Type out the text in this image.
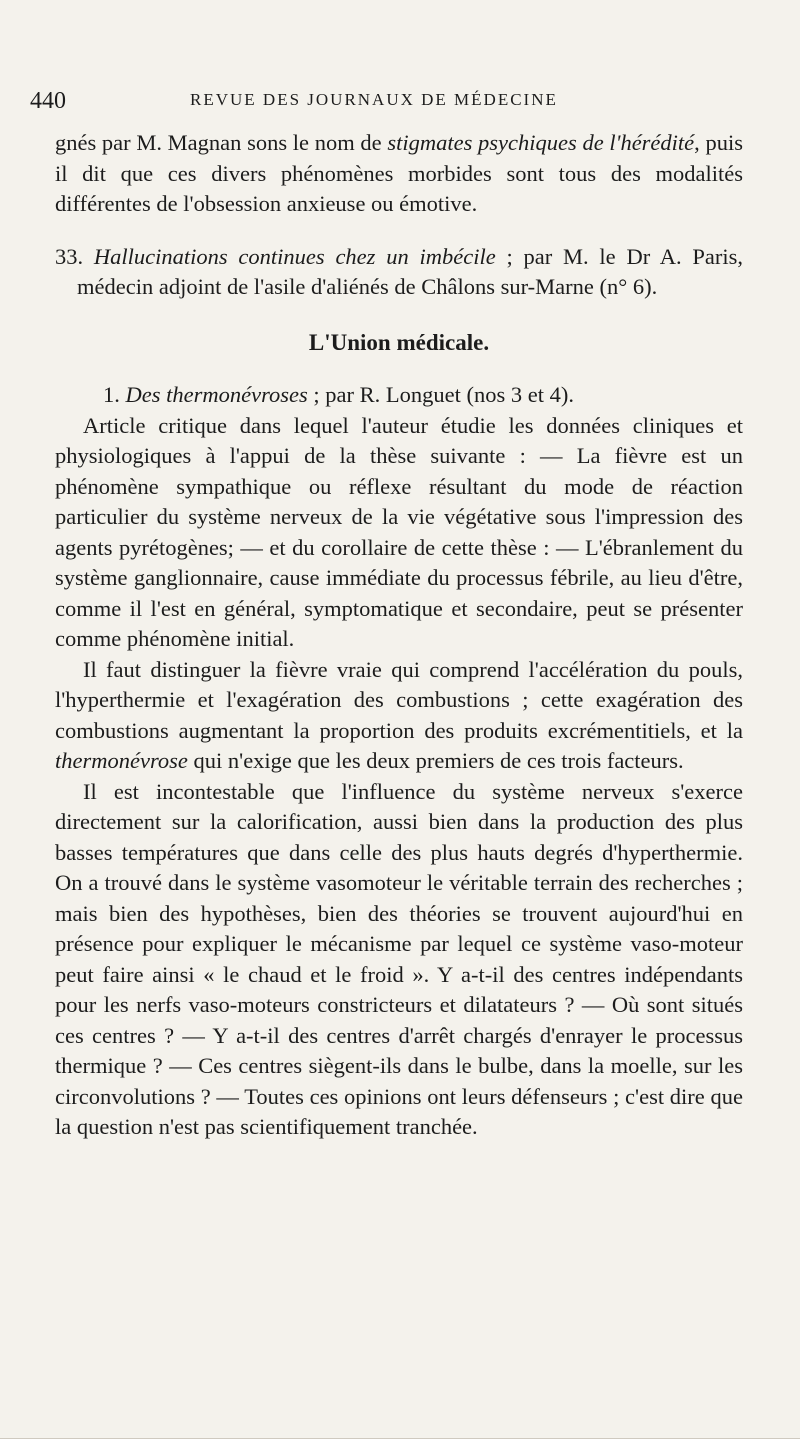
440	REVUE DES JOURNAUX DE MÉDECINE

gnés par M. Magnan sons le nom de stigmates psychiques de l'hérédité, puis il dit que ces divers phénomènes morbides sont tous des modalités différentes de l'obsession anxieuse ou émotive.

33. Hallucinations continues chez un imbécile ; par M. le Dr A. Paris, médecin adjoint de l'asile d'aliénés de Châlons sur-Marne (n° 6).

L'Union médicale.

1. Des thermonévroses ; par R. Longuet (nos 3 et 4).

Article critique dans lequel l'auteur étudie les données cliniques et physiologiques à l'appui de la thèse suivante : — La fièvre est un phénomène sympathique ou réflexe résultant du mode de réaction particulier du système nerveux de la vie végétative sous l'impression des agents pyrétogènes; — et du corollaire de cette thèse : — L'ébranlement du système ganglionnaire, cause immédiate du processus fébrile, au lieu d'être, comme il l'est en général, symptomatique et secondaire, peut se présenter comme phénomène initial.

Il faut distinguer la fièvre vraie qui comprend l'accélération du pouls, l'hyperthermie et l'exagération des combustions ; cette exagération des combustions augmentant la proportion des produits excrémentitiels, et la thermonévrose qui n'exige que les deux premiers de ces trois facteurs.

Il est incontestable que l'influence du système nerveux s'exerce directement sur la calorification, aussi bien dans la production des plus basses températures que dans celle des plus hauts degrés d'hyperthermie. On a trouvé dans le système vasomoteur le véritable terrain des recherches ; mais bien des hypothèses, bien des théories se trouvent aujourd'hui en présence pour expliquer le mécanisme par lequel ce système vaso-moteur peut faire ainsi « le chaud et le froid ». Y a-t-il des centres indépendants pour les nerfs vaso-moteurs constricteurs et dilatateurs ? — Où sont situés ces centres ? — Y a-t-il des centres d'arrêt chargés d'enrayer le processus thermique ? — Ces centres siègent-ils dans le bulbe, dans la moelle, sur les circonvolutions ? — Toutes ces opinions ont leurs défenseurs ; c'est dire que la question n'est pas scientifiquement tranchée.
